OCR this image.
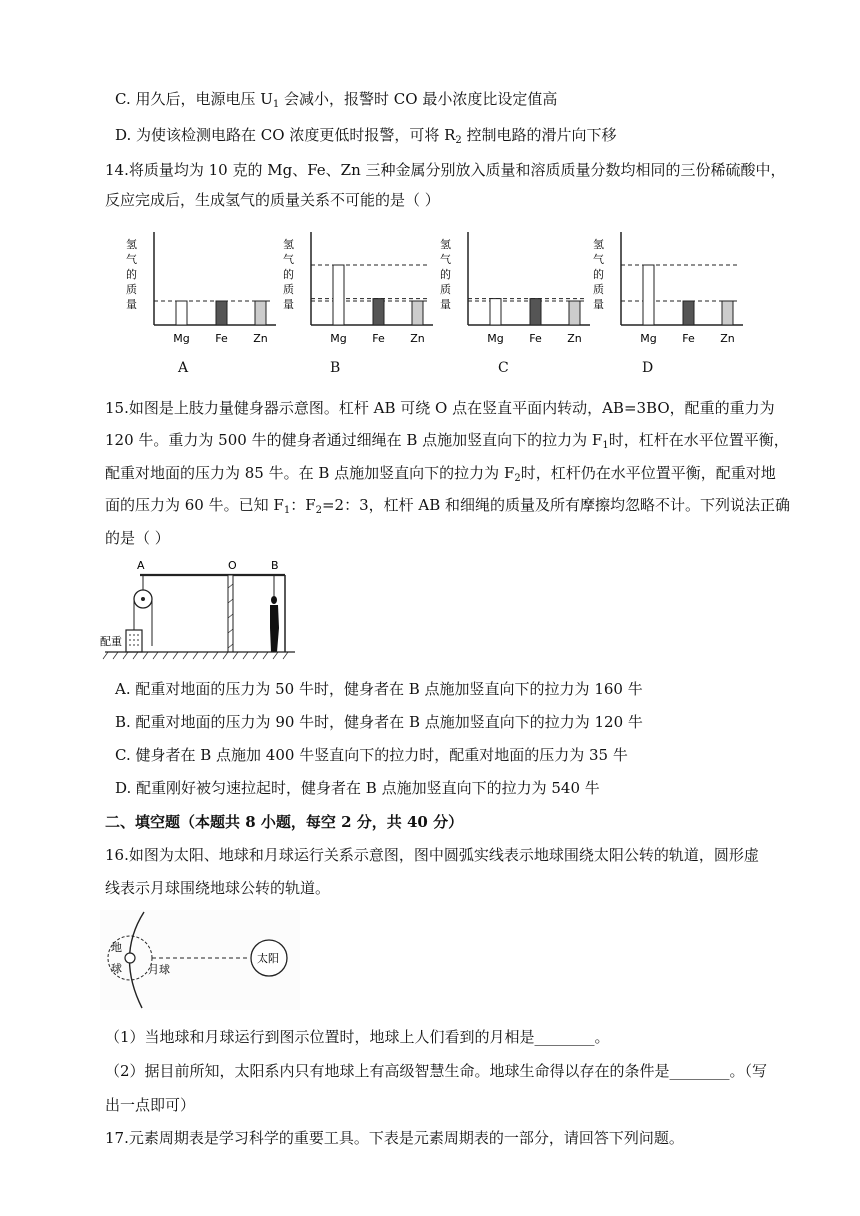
C. 用久后，电源电压 $U_1$ 会减小，报警时 CO 最小浓度比设定值高
D. 为使该检测电路在 CO 浓度更低时报警，可将 $R_2$ 控制电路的滑片向下移
14.将质量均为 10 克的 Mg、Fe、Zn 三种金属分别放入质量和溶质质量分数均相同的三份稀硫酸中，
反应完成后，生成氢气的质量关系不可能的是（ ）
氢
气
的
质
量
Mg Fe Zn
A
氢
气
的
质
量
Mg Fe Zn
B
氢
气
的
质
量
Mg Fe Zn
C
氢
气
的
质
量
Mg Fe Zn
D
15.如图是上肢力量健身器示意图。杠杆 AB 可绕 O 点在竖直平面内转动，AB=3BO，配重的重力为
120 牛。重力为 500 牛的健身者通过细绳在 B 点施加竖直向下的拉力为 $F_1$时，杠杆在水平位置平衡，
配重对地面的压力为 85 牛。在 B 点施加竖直向下的拉力为 $F_2$时，杠杆仍在水平位置平衡，配重对地
面的压力为 60 牛。已知 $F_1$：$F_2=2$：3，杠杆 AB 和细绳的质量及所有摩擦均忽略不计。下列说法正确
的是（ ）
A	O	B
配重
A. 配重对地面的压力为 50 牛时，健身者在 B 点施加竖直向下的拉力为 160 牛
B. 配重对地面的压力为 90 牛时，健身者在 B 点施加竖直向下的拉力为 120 牛
C. 健身者在 B 点施加 400 牛竖直向下的拉力时，配重对地面的压力为 35 牛
D. 配重刚好被匀速拉起时，健身者在 B 点施加竖直向下的拉力为 540 牛
二、填空题（本题共 8 小题，每空 2 分，共 40 分）
16.如图为太阳、地球和月球运行关系示意图，图中圆弧实线表示地球围绕太阳公转的轨道，圆形虚
线表示月球围绕地球公转的轨道。
地
球 月球
太阳
（1）当地球和月球运行到图示位置时，地球上人们看到的月相是________。
（2）据目前所知，太阳系内只有地球上有高级智慧生命。地球生命得以存在的条件是________。（写
出一点即可）
17.元素周期表是学习科学的重要工具。下表是元素周期表的一部分，请回答下列问题。
